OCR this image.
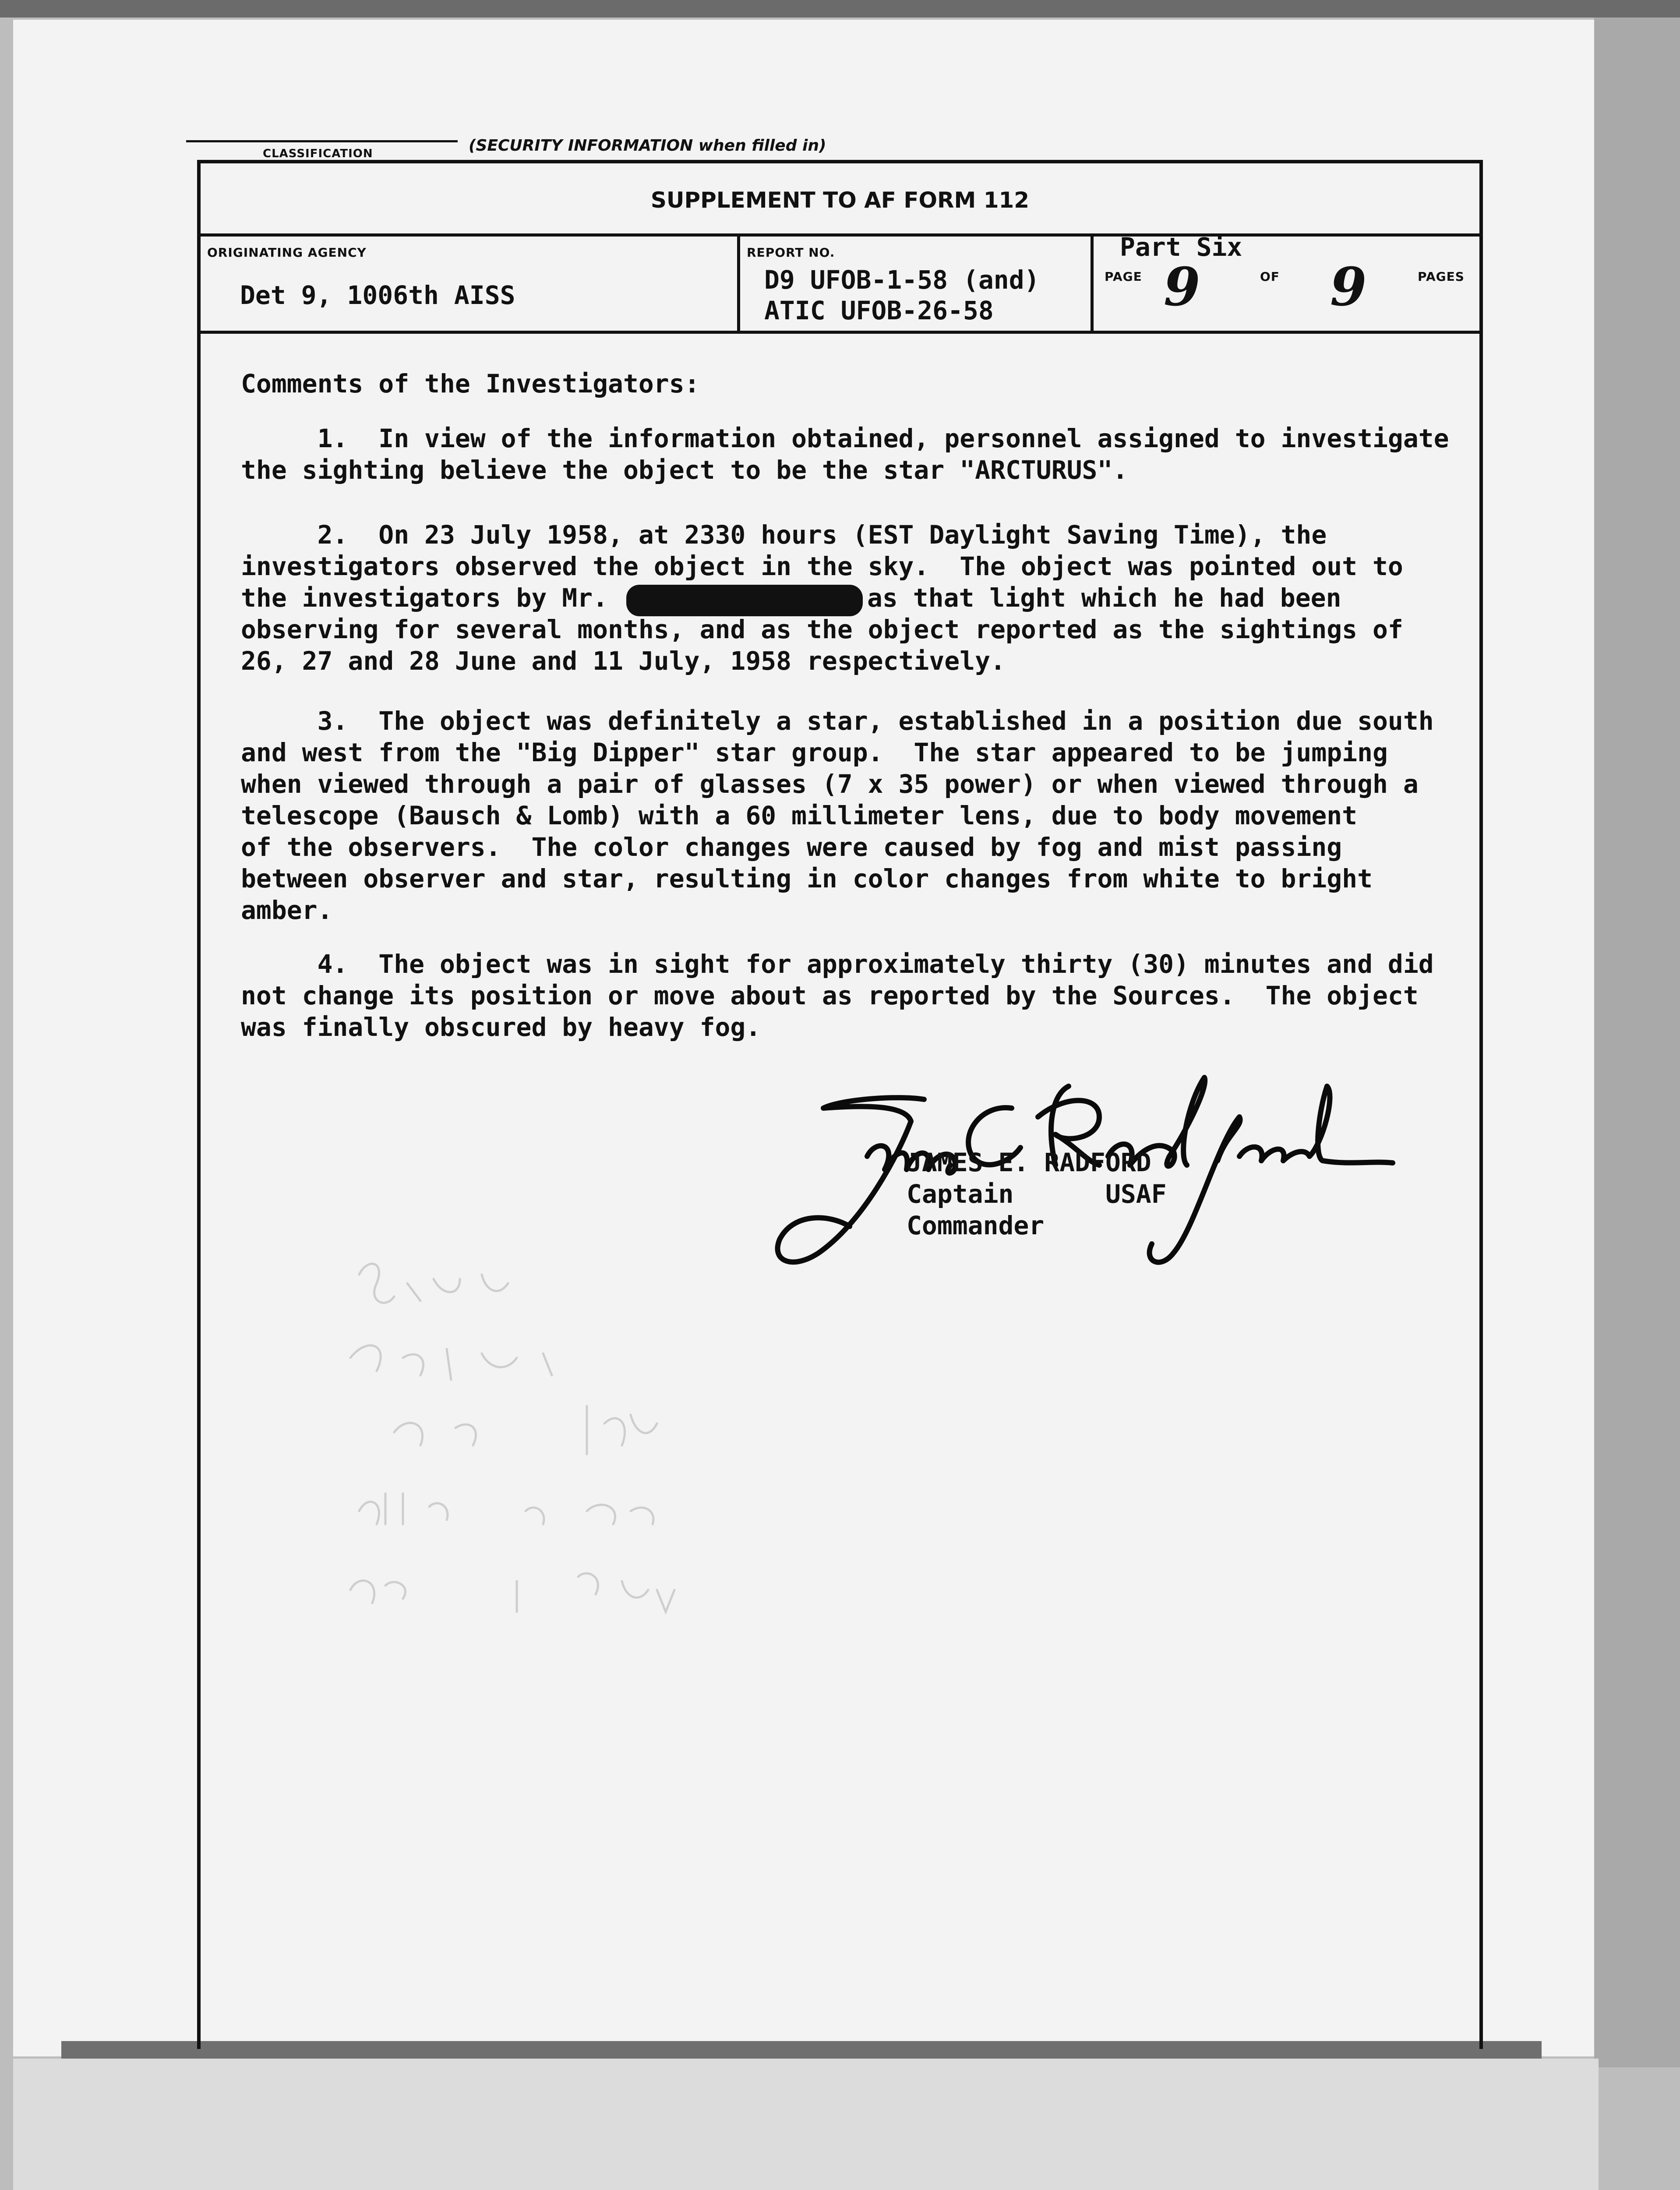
CLASSIFICATION	(SECURITY INFORMATION when filled in)
SUPPLEMENT TO AF FORM 112
ORIGINATING AGENCY
Det 9, 1006th AISS
REPORT NO.
D9 UFOB-1-58 (and)
ATIC UFOB-26-58
Part Six
PAGE 9	OF 9	PAGES
Comments of the Investigators:
1.  In view of the information obtained, personnel assigned to investigate
the sighting believe the object to be the star "ARCTURUS".
2.  On 23 July 1958, at 2330 hours (EST Daylight Saving Time), the
investigators observed the object in the sky.  The object was pointed out to
the investigators by Mr.	as that light which he had been
observing for several months, and as the object reported as the sightings of
26, 27 and 28 June and 11 July, 1958 respectively.
3.  The object was definitely a star, established in a position due south
and west from the "Big Dipper" star group.  The star appeared to be jumping
when viewed through a pair of glasses (7 x 35 power) or when viewed through a
telescope (Bausch & Lomb) with a 60 millimeter lens, due to body movement
of the observers.  The color changes were caused by fog and mist passing
between observer and star, resulting in color changes from white to bright
amber.
4.  The object was in sight for approximately thirty (30) minutes and did
not change its position or move about as reported by the Sources.  The object
was finally obscured by heavy fog.
JAMES E. RADFORD
Captain      USAF
Commander
